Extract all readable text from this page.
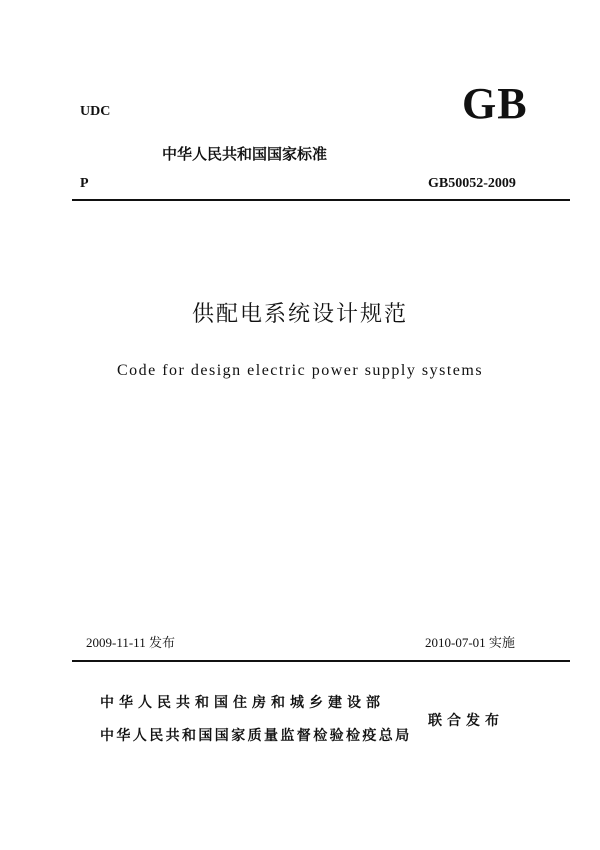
UDC	GB
中华人民共和国国家标准
P	GB50052-2009
供配电系统设计规范
Code for design electric power supply systems
2009-11-11 发布	2010-07-01 实施
中华人民共和国住房和城乡建设部
中华人民共和国国家质量监督检验检疫总局
联合发布
